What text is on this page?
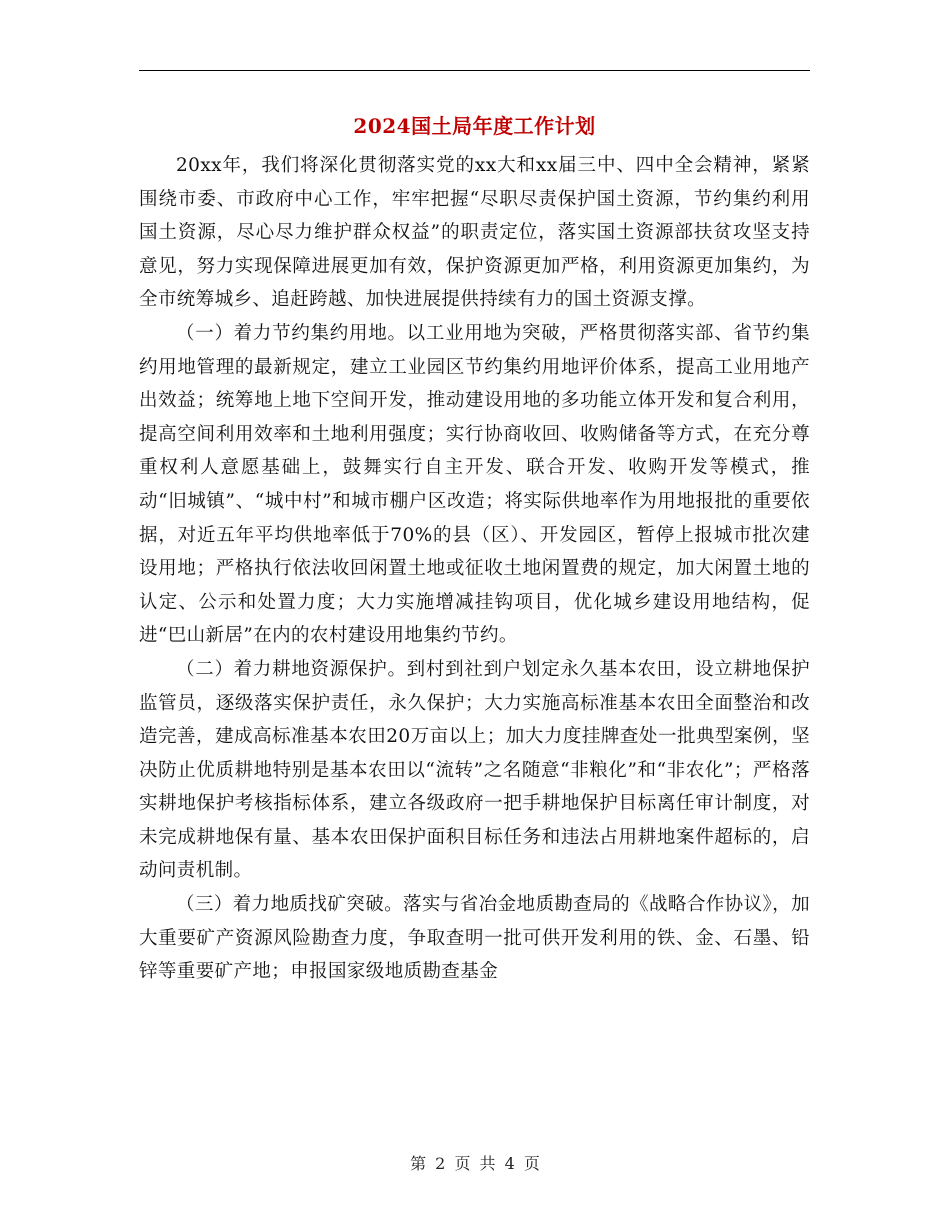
2024国土局年度工作计划

20xx年，我们将深化贯彻落实党的xx大和xx届三中、四中全会精神，紧紧围绕市委、市政府中心工作，牢牢把握“尽职尽责保护国土资源，节约集约利用国土资源，尽心尽力维护群众权益”的职责定位，落实国土资源部扶贫攻坚支持意见，努力实现保障进展更加有效，保护资源更加严格，利用资源更加集约，为全市统筹城乡、追赶跨越、加快进展提供持续有力的国土资源支撑。

（一）着力节约集约用地。以工业用地为突破，严格贯彻落实部、省节约集约用地管理的最新规定，建立工业园区节约集约用地评价体系，提高工业用地产出效益；统筹地上地下空间开发，推动建设用地的多功能立体开发和复合利用，提高空间利用效率和土地利用强度；实行协商收回、收购储备等方式，在充分尊重权利人意愿基础上，鼓舞实行自主开发、联合开发、收购开发等模式，推动“旧城镇”、“城中村”和城市棚户区改造；将实际供地率作为用地报批的重要依据，对近五年平均供地率低于70%的县（区）、开发园区，暂停上报城市批次建设用地；严格执行依法收回闲置土地或征收土地闲置费的规定，加大闲置土地的认定、公示和处置力度；大力实施增减挂钩项目，优化城乡建设用地结构，促进“巴山新居”在内的农村建设用地集约节约。

（二）着力耕地资源保护。到村到社到户划定永久基本农田，设立耕地保护监管员，逐级落实保护责任，永久保护；大力实施高标准基本农田全面整治和改造完善，建成高标准基本农田20万亩以上；加大力度挂牌查处一批典型案例，坚决防止优质耕地特别是基本农田以“流转”之名随意“非粮化”和“非农化”；严格落实耕地保护考核指标体系，建立各级政府一把手耕地保护目标离任审计制度，对未完成耕地保有量、基本农田保护面积目标任务和违法占用耕地案件超标的，启动问责机制。

（三）着力地质找矿突破。落实与省冶金地质勘查局的《战略合作协议》，加大重要矿产资源风险勘查力度，争取查明一批可供开发利用的铁、金、石墨、铅锌等重要矿产地；申报国家级地质勘查基金

第 2 页 共 4 页
